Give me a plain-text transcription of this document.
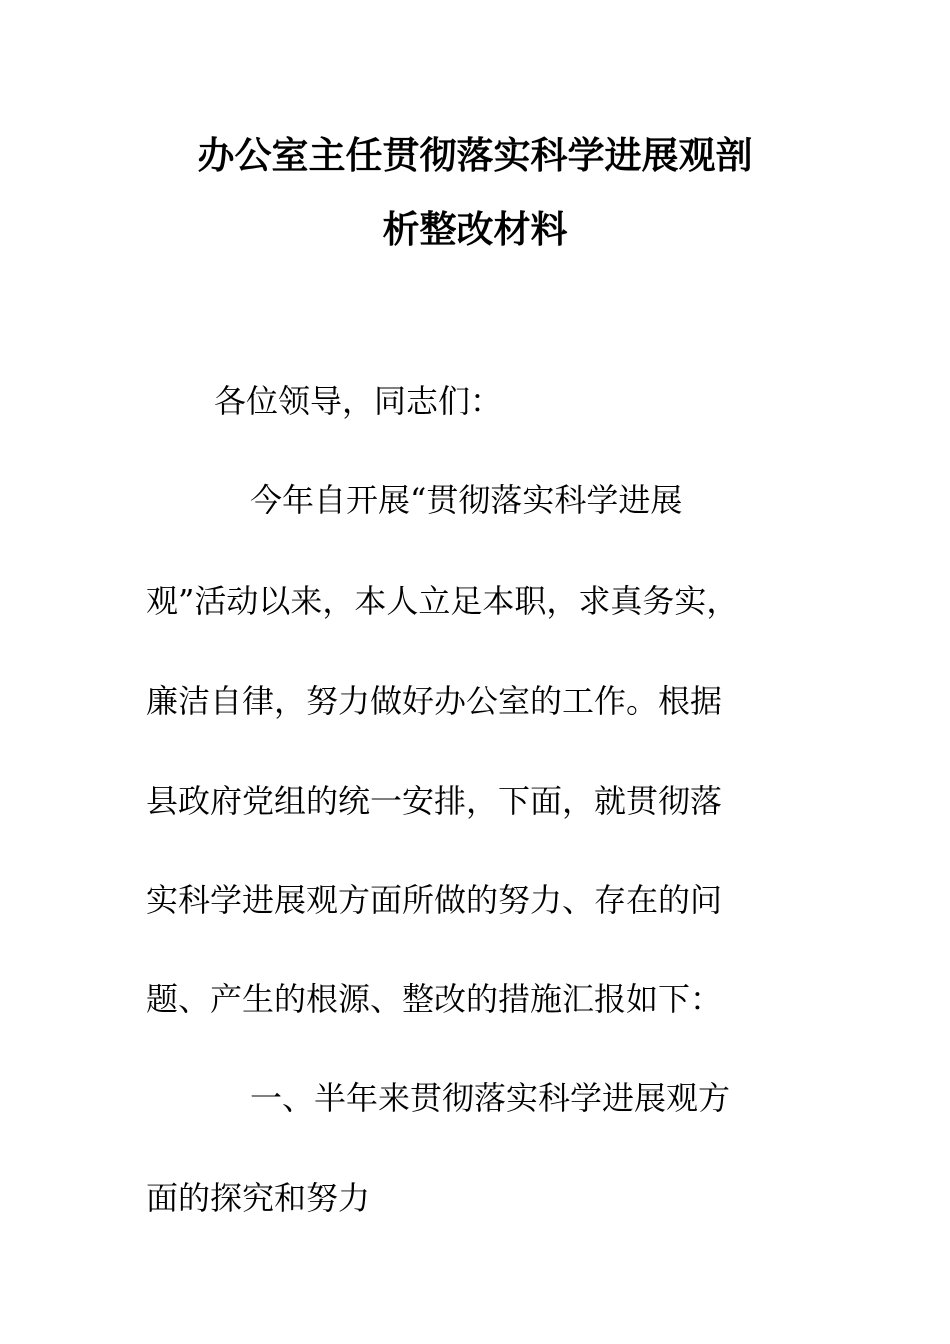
办公室主任贯彻落实科学进展观剖
析整改材料
各位领导，同志们：
今年自开展“贯彻落实科学进展
观”活动以来，本人立足本职，求真务实，
廉洁自律，努力做好办公室的工作。根据
县政府党组的统一安排，下面，就贯彻落
实科学进展观方面所做的努力、存在的问
题、产生的根源、整改的措施汇报如下：
一、半年来贯彻落实科学进展观方
面的探究和努力
